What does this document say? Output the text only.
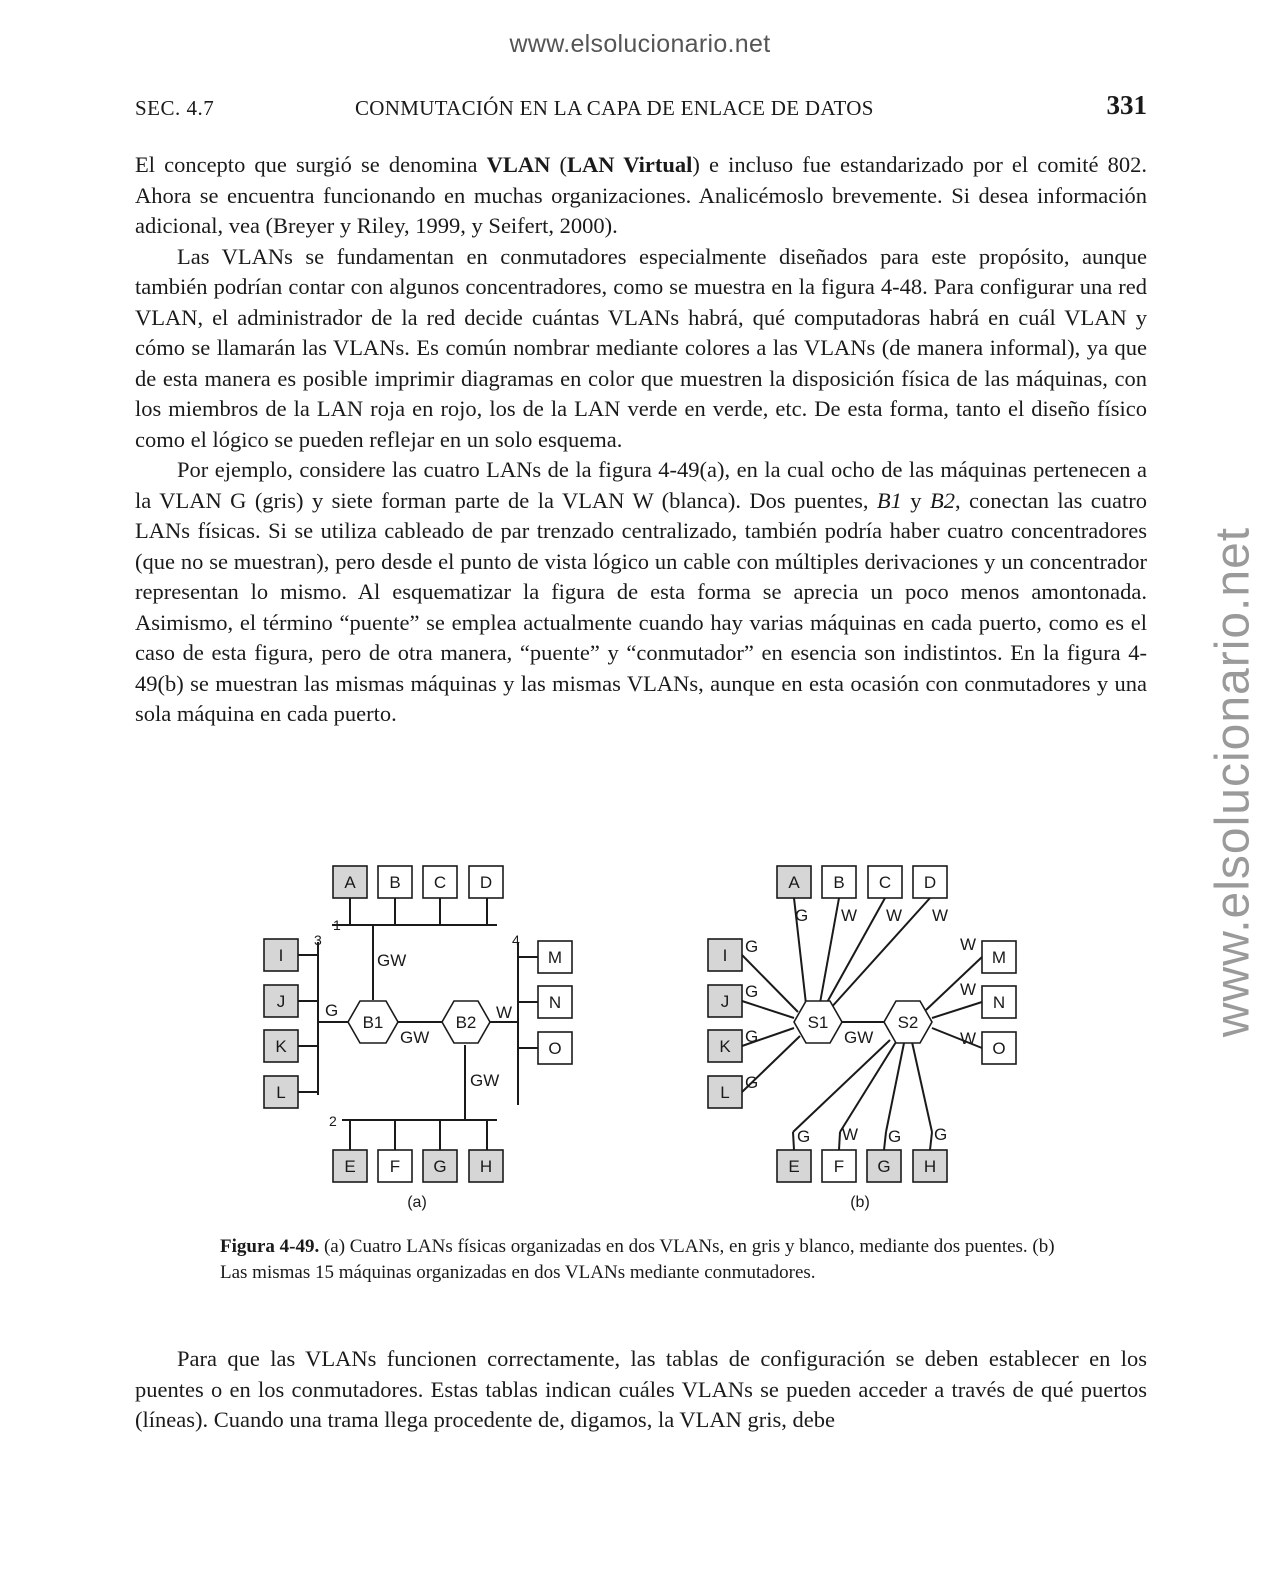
www.elsolucionario.net
www.elsolucionario.net
SEC. 4.7	CONMUTACIÓN EN LA CAPA DE ENLACE DE DATOS	331

El concepto que surgió se denomina VLAN (LAN Virtual) e incluso fue estandarizado por el comité 802. Ahora se encuentra funcionando en muchas organizaciones. Analicémoslo brevemente. Si desea información adicional, vea (Breyer y Riley, 1999, y Seifert, 2000).

Las VLANs se fundamentan en conmutadores especialmente diseñados para este propósito, aunque también podrían contar con algunos concentradores, como se muestra en la figura 4-48. Para configurar una red VLAN, el administrador de la red decide cuántas VLANs habrá, qué computadoras habrá en cuál VLAN y cómo se llamarán las VLANs. Es común nombrar mediante colores a las VLANs (de manera informal), ya que de esta manera es posible imprimir diagramas en color que muestren la disposición física de las máquinas, con los miembros de la LAN roja en rojo, los de la LAN verde en verde, etc. De esta forma, tanto el diseño físico como el lógico se pueden reflejar en un solo esquema.

Por ejemplo, considere las cuatro LANs de la figura 4-49(a), en la cual ocho de las máquinas pertenecen a la VLAN G (gris) y siete forman parte de la VLAN W (blanca). Dos puentes, B1 y B2, conectan las cuatro LANs físicas. Si se utiliza cableado de par trenzado centralizado, también podría haber cuatro concentradores (que no se muestran), pero desde el punto de vista lógico un cable con múltiples derivaciones y un concentrador representan lo mismo. Al esquematizar la figura de esta forma se aprecia un poco menos amontonada. Asimismo, el término “puente” se emplea actualmente cuando hay varias máquinas en cada puerto, como es el caso de esta figura, pero de otra manera, “puente” y “conmutador” en esencia son indistintos. En la figura 4-49(b) se muestran las mismas máquinas y las mismas VLANs, aunque en esta ocasión con conmutadores y una sola máquina en cada puerto.

B1	B2
A B C D
I
J
K
L
M
N
O
E F G H
1
3	4
2
GW
G
GW
W
GW
(a)
S1	S2
A B C D
I
J
K
L
M
N
O
E F G H
G W W W
G
G
G
G
W
W
W
GW
G W G G
(b)
Figura 4-49. (a) Cuatro LANs físicas organizadas en dos VLANs, en gris y blanco, mediante dos puentes. (b) Las mismas 15 máquinas organizadas en dos VLANs mediante conmutadores.

Para que las VLANs funcionen correctamente, las tablas de configuración se deben establecer en los puentes o en los conmutadores. Estas tablas indican cuáles VLANs se pueden acceder a través de qué puertos (líneas). Cuando una trama llega procedente de, digamos, la VLAN gris, debe
